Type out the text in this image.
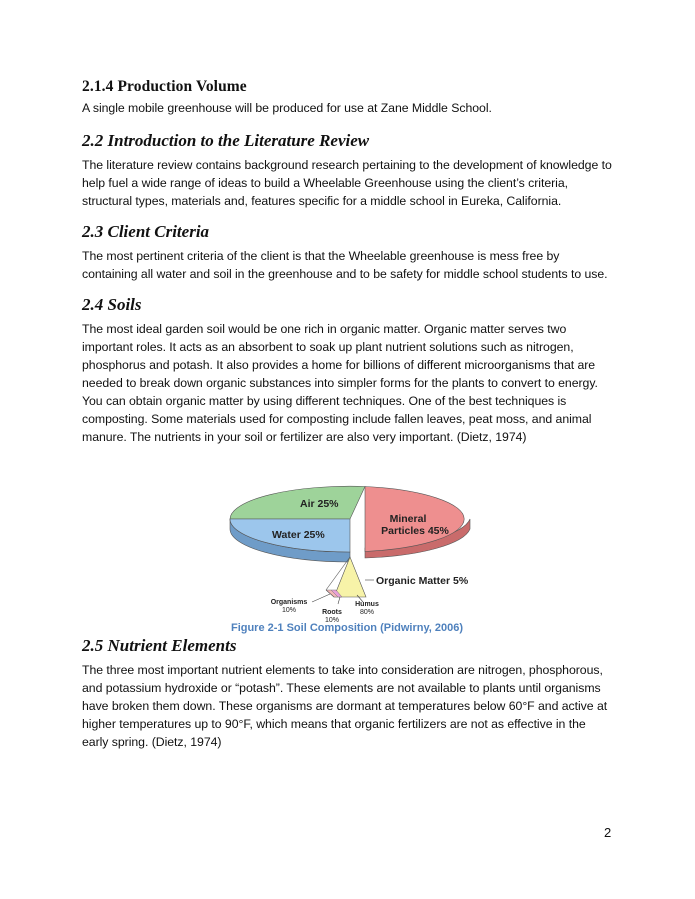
2.1.4 Production Volume

A single mobile greenhouse will be produced for use at Zane Middle School.

2.2 Introduction to the Literature Review

The literature review contains background research pertaining to the development of knowledge to help fuel a wide range of ideas to build a Wheelable Greenhouse using the client’s criteria, structural types, materials and, features specific for a middle school in Eureka, California.

2.3 Client Criteria

The most pertinent criteria of the client is that the Wheelable greenhouse is mess free by containing all water and soil in the greenhouse and to be safety for middle school students to use.

2.4 Soils

The most ideal garden soil would be one rich in organic matter. Organic matter serves two important roles. It acts as an absorbent to soak up plant nutrient solutions such as nitrogen, phosphorus and potash. It also provides a home for billions of different microorganisms that are needed to break down organic substances into simpler forms for the plants to convert to energy. You can obtain organic matter by using different techniques. One of the best techniques is composting. Some materials used for composting include fallen leaves, peat moss, and animal manure. The nutrients in your soil or fertilizer are also very important. (Dietz, 1974)

Air 25%
Water 25%
Mineral
Particles 45%
Organic Matter 5%
Organisms
10%	Roots
10%
Humus
80%
Figure 2-1 Soil Composition (Pidwirny, 2006)
2.5 Nutrient Elements

The three most important nutrient elements to take into consideration are nitrogen, phosphorous, and potassium hydroxide or “potash”. These elements are not available to plants until organisms have broken them down. These organisms are dormant at temperatures below 60°F and active at higher temperatures up to 90°F, which means that organic fertilizers are not as effective in the early spring. (Dietz, 1974)

2
